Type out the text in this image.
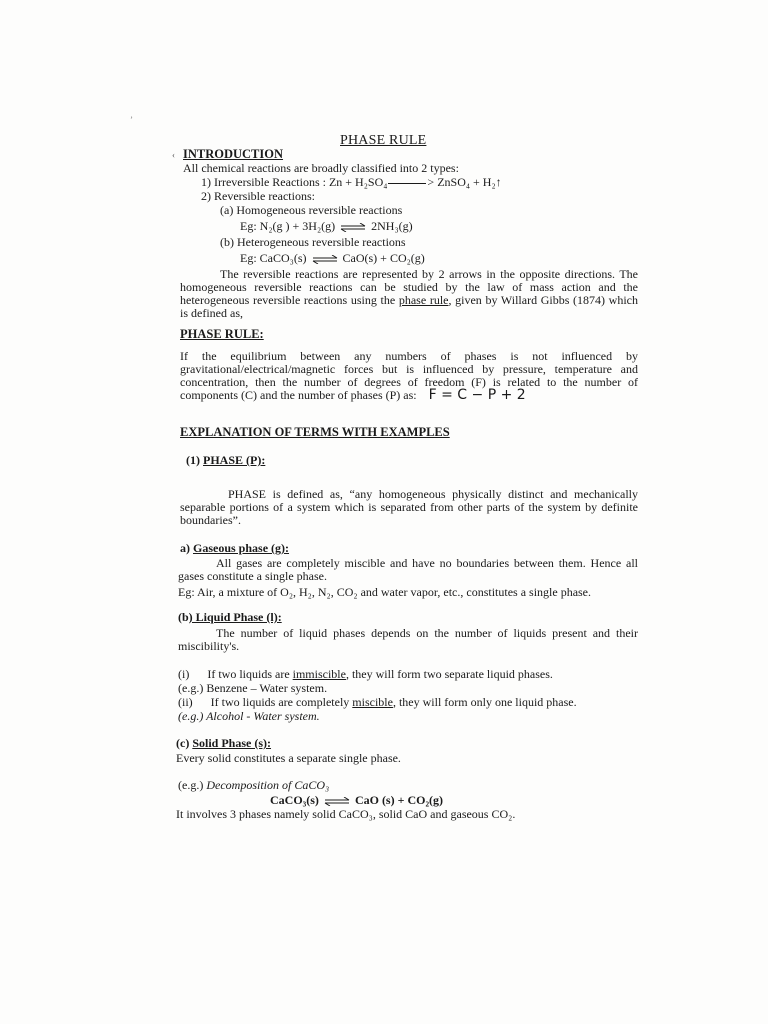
PHASE RULE
INTRODUCTION
All chemical reactions are broadly classified into 2 types:
1) Irreversible Reactions : Zn + H₂SO₄	> ZnSO₄ + H₂↑
2) Reversible reactions:
(a) Homogeneous reversible reactions
Eg: N₂(g ) + 3H₂(g) ⇌ 2NH₃(g)
(b) Heterogeneous reversible reactions
Eg: CaCO₃(s) ⇌ CaO(s) + CO₂(g)
The reversible reactions are represented by 2 arrows in the opposite directions. The homogeneous reversible reactions can be studied by the law of mass action and the heterogeneous reversible reactions using the phase rule, given by Willard Gibbs (1874) which is defined as,
PHASE RULE:
If the equilibrium between any numbers of phases is not influenced by gravitational/electrical/magnetic forces but is influenced by pressure, temperature and concentration, then the number of degrees of freedom (F) is related to the number of components (C) and the number of phases (P) as: F = C − P + 2
EXPLANATION OF TERMS WITH EXAMPLES
(1) PHASE (P):
PHASE is defined as, “any homogeneous physically distinct and mechanically separable portions of a system which is separated from other parts of the system by definite boundaries”.
a) Gaseous phase (g):
All gases are completely miscible and have no boundaries between them. Hence all gases constitute a single phase.
Eg: Air, a mixture of O₂, H₂, N₂, CO₂ and water vapor, etc., constitutes a single phase.
(b) Liquid Phase (l):
The number of liquid phases depends on the number of liquids present and their miscibility's.
(i)      If two liquids are immiscible, they will form two separate liquid phases.
(e.g.) Benzene – Water system.
(ii)      If two liquids are completely miscible, they will form only one liquid phase.
(e.g.) Alcohol - Water system.
(c) Solid Phase (s):
Every solid constitutes a separate single phase.
(e.g.) Decomposition of CaCO₃
CaCO₃(s) ⇌ CaO (s) + CO₂(g)
It involves 3 phases namely solid CaCO₃, solid CaO and gaseous CO₂.
’
‹
